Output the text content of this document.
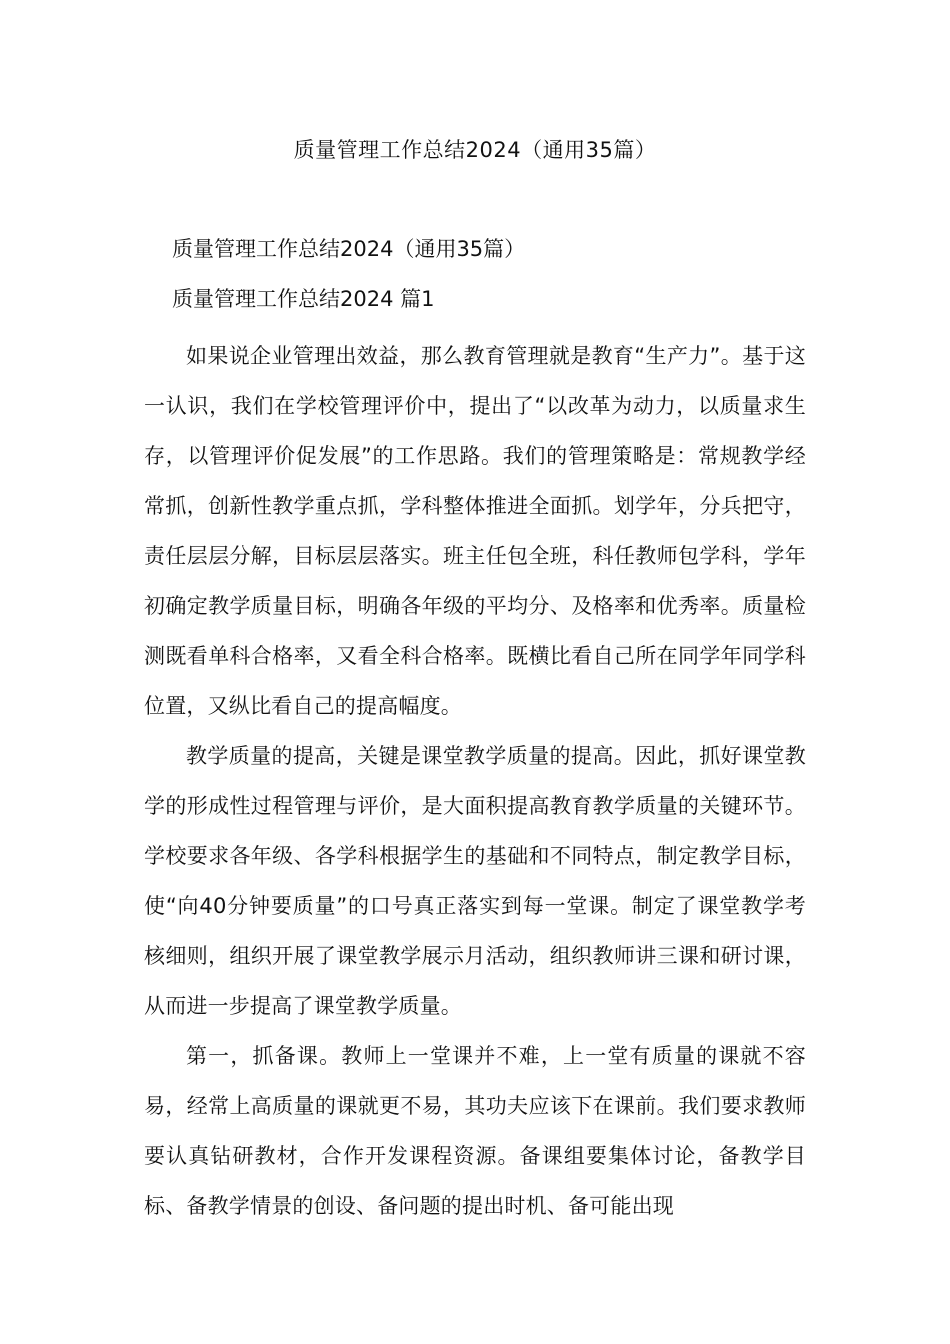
质量管理工作总结2024（通用35篇）
质量管理工作总结2024（通用35篇）
质量管理工作总结2024 篇1

如果说企业管理出效益，那么教育管理就是教育“生产力”。基于这一认识，我们在学校管理评价中，提出了“以改革为动力，以质量求生存，以管理评价促发展”的工作思路。我们的管理策略是：常规教学经常抓，创新性教学重点抓，学科整体推进全面抓。划学年，分兵把守，责任层层分解，目标层层落实。班主任包全班，科任教师包学科，学年初确定教学质量目标，明确各年级的平均分、及格率和优秀率。质量检测既看单科合格率，又看全科合格率。既横比看自己所在同学年同学科位置，又纵比看自己的提高幅度。

教学质量的提高，关键是课堂教学质量的提高。因此，抓好课堂教学的形成性过程管理与评价，是大面积提高教育教学质量的关键环节。学校要求各年级、各学科根据学生的基础和不同特点，制定教学目标，使“向40分钟要质量”的口号真正落实到每一堂课。制定了课堂教学考核细则，组织开展了课堂教学展示月活动，组织教师讲三课和研讨课，从而进一步提高了课堂教学质量。

第一，抓备课。教师上一堂课并不难，上一堂有质量的课就不容易，经常上高质量的课就更不易，其功夫应该下在课前。我们要求教师要认真钻研教材，合作开发课程资源。备课组要集体讨论，备教学目标、备教学情景的创设、备问题的提出时机、备可能出现
